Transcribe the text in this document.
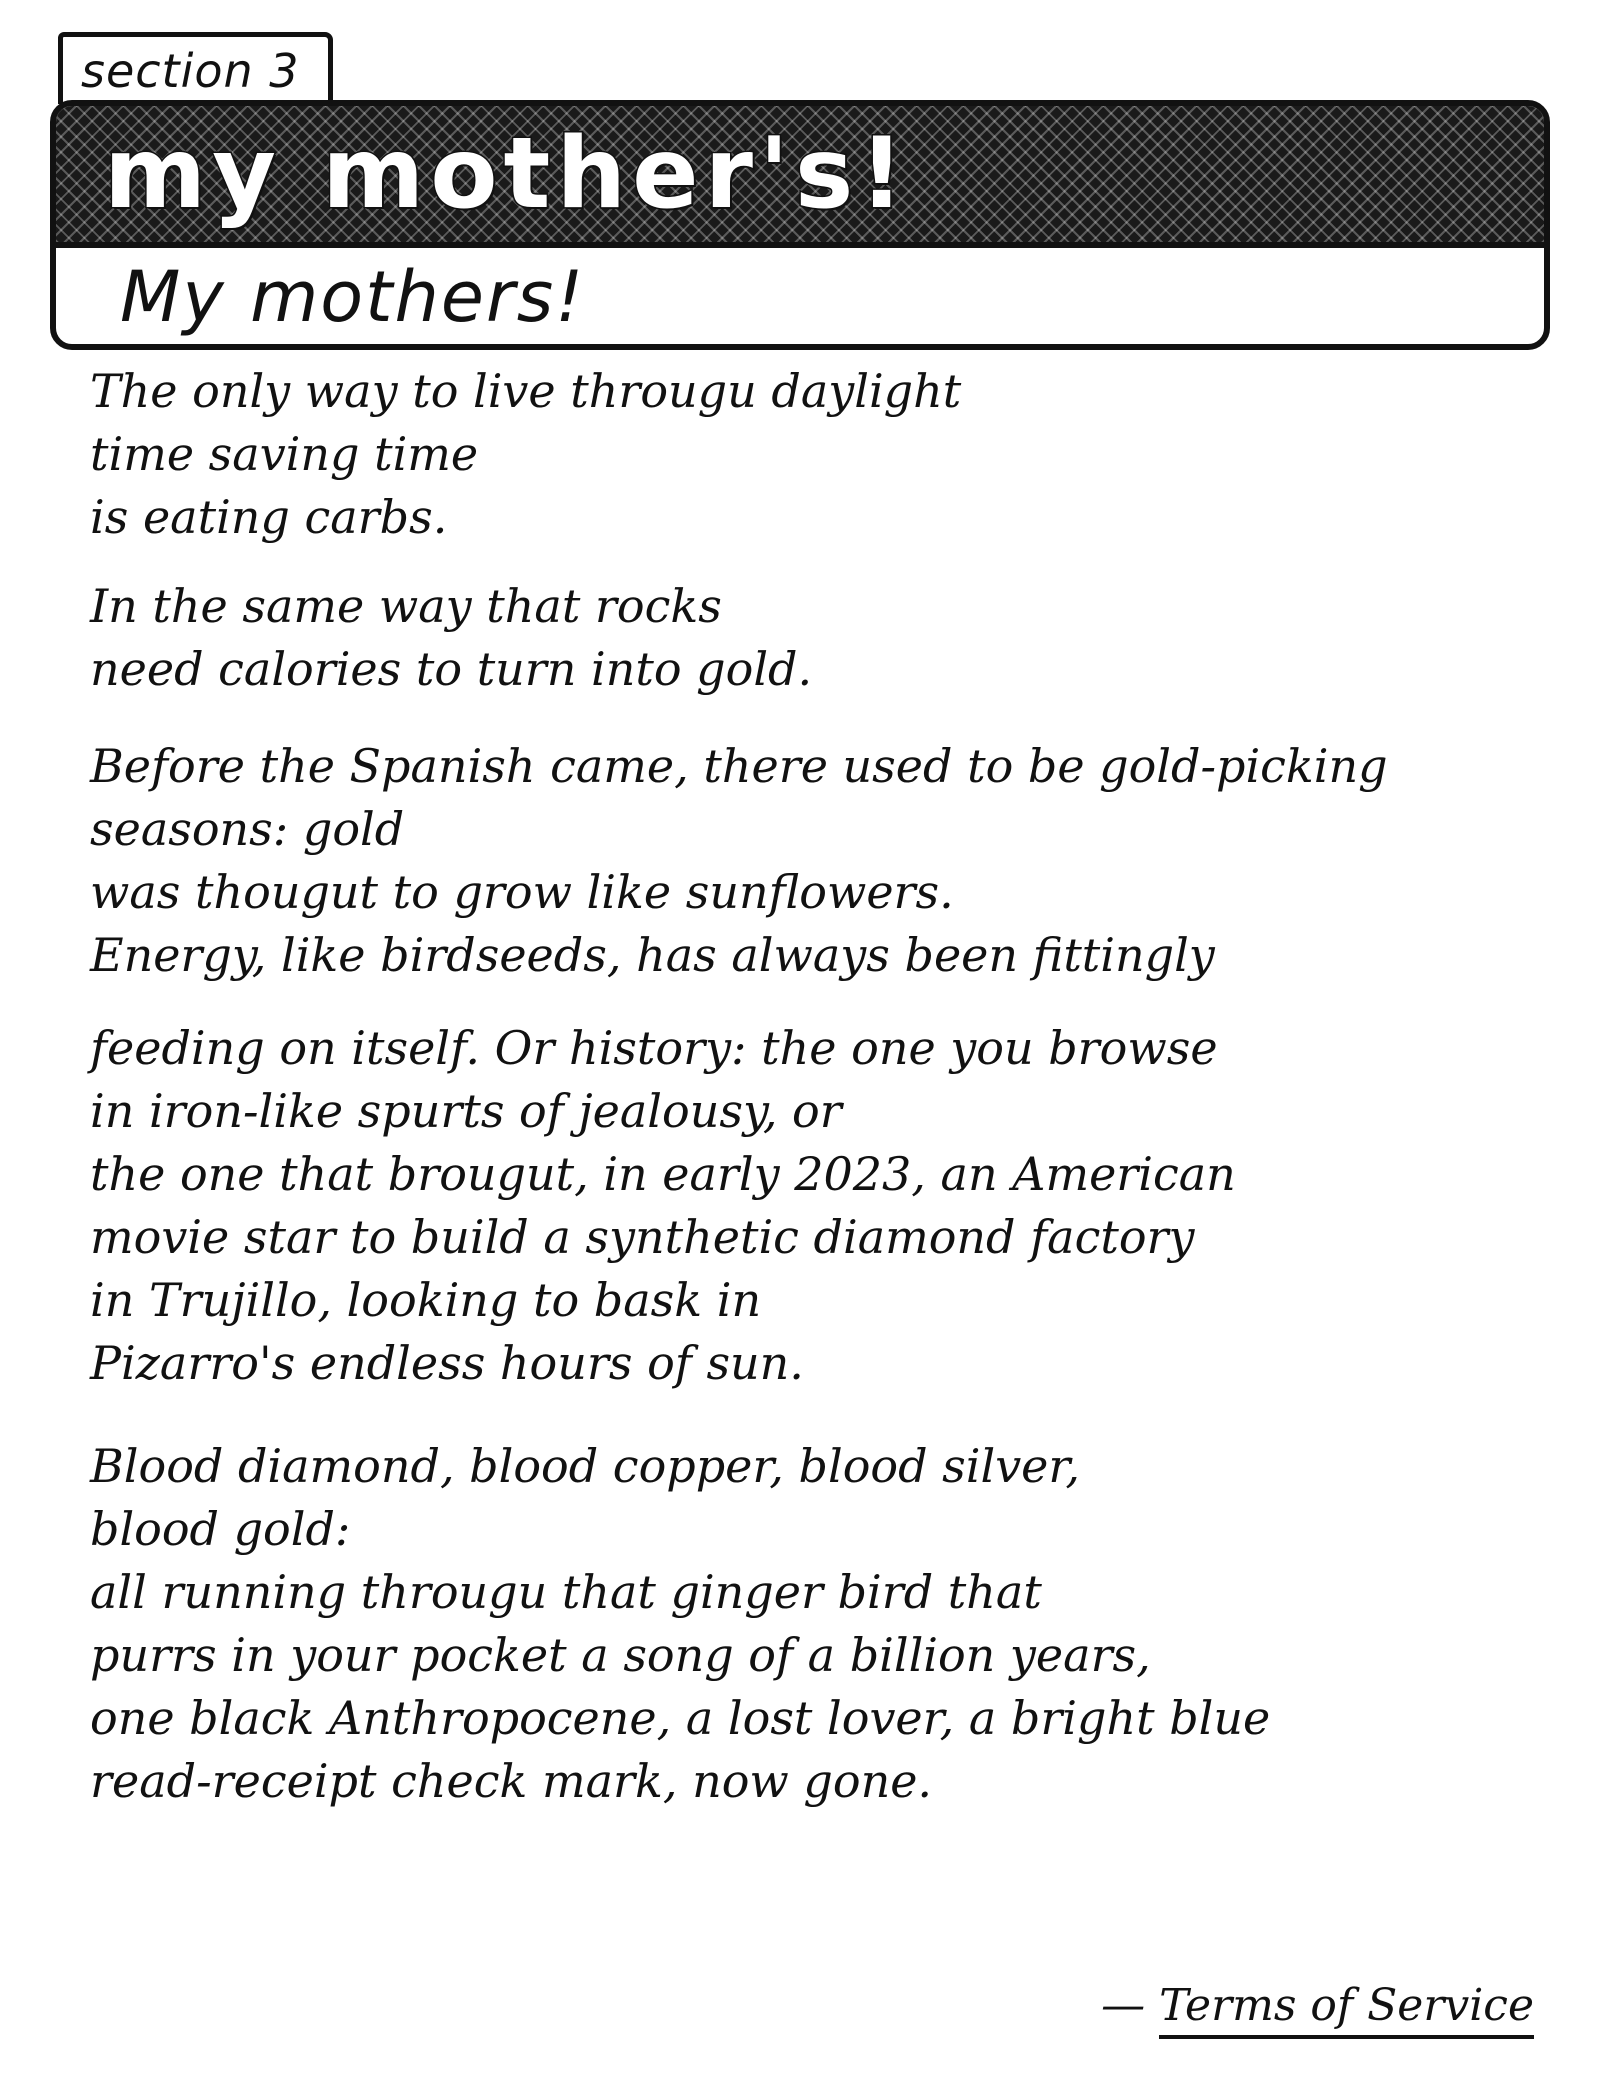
section 3
my mother's!
My mothers!
The only way to live througu daylight
time saving time
is eating carbs.
In the same way that rocks
need calories to turn into gold.
Before the Spanish came, there used to be gold-picking
seasons: gold
was thougut to grow like sunflowers.
Energy, like birdseeds, has always been fittingly
feeding on itself. Or history: the one you browse
in iron-like spurts of jealousy, or
the one that brougut, in early 2023, an American
movie star to build a synthetic diamond factory
in Trujillo, looking to bask in
Pizarro's endless hours of sun.
Blood diamond, blood copper, blood silver,
blood gold:
all running througu that ginger bird that
purrs in your pocket a song of a billion years,
one black Anthropocene, a lost lover, a bright blue
read-receipt check mark, now gone.
— Terms of Service
